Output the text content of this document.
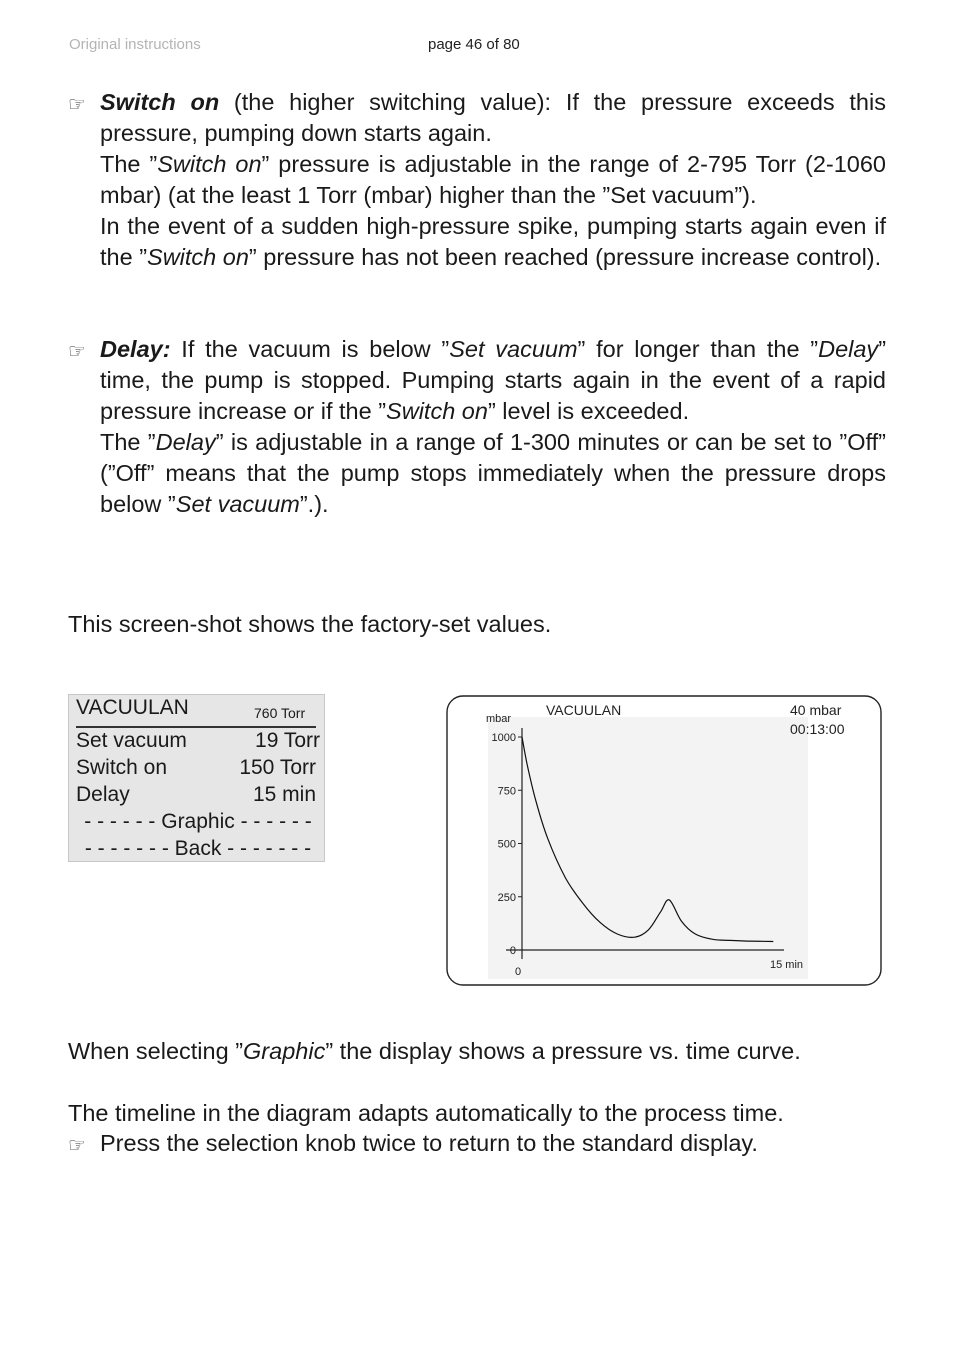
Original instructions	page 46 of 80
☞ Switch on (the higher switching value): If the pressure exceeds this pressure, pumping down starts again.

The ”Switch on” pressure is adjustable in the range of 2-795 Torr (2-1060 mbar) (at the least 1 Torr (mbar) higher than the ”Set vacuum”).

In the event of a sudden high-pressure spike, pumping starts again even if the ”Switch on” pressure has not been reached (pressure increase control).

☞ Delay: If the vacuum is below ”Set vacuum” for longer than the ”Delay” time, the pump is stopped. Pumping starts again in the event of a rapid pressure increase or if the ”Switch on” level is exceeded.

The ”Delay” is adjustable in a range of 1-300 minutes or can be set to ”Off” (”Off” means that the pump stops immediately when the pressure drops below ”Set vacuum”.).

This screen-shot shows the factory-set values.
VACUULAN	760 Torr
Set vacuum	19 Torr
Switch on	150 Torr
Delay	15 min
- - - - - - Graphic - - - - - -
- - - - - - - Back - - - - - - -
VACUULAN	40 mbar
00:13:00
mbar
1000
750
500
250
0
0
15 min
When selecting ”Graphic” the display shows a pressure vs. time curve.
The timeline in the diagram adapts automatically to the process time.
☞ Press the selection knob twice to return to the standard display.
